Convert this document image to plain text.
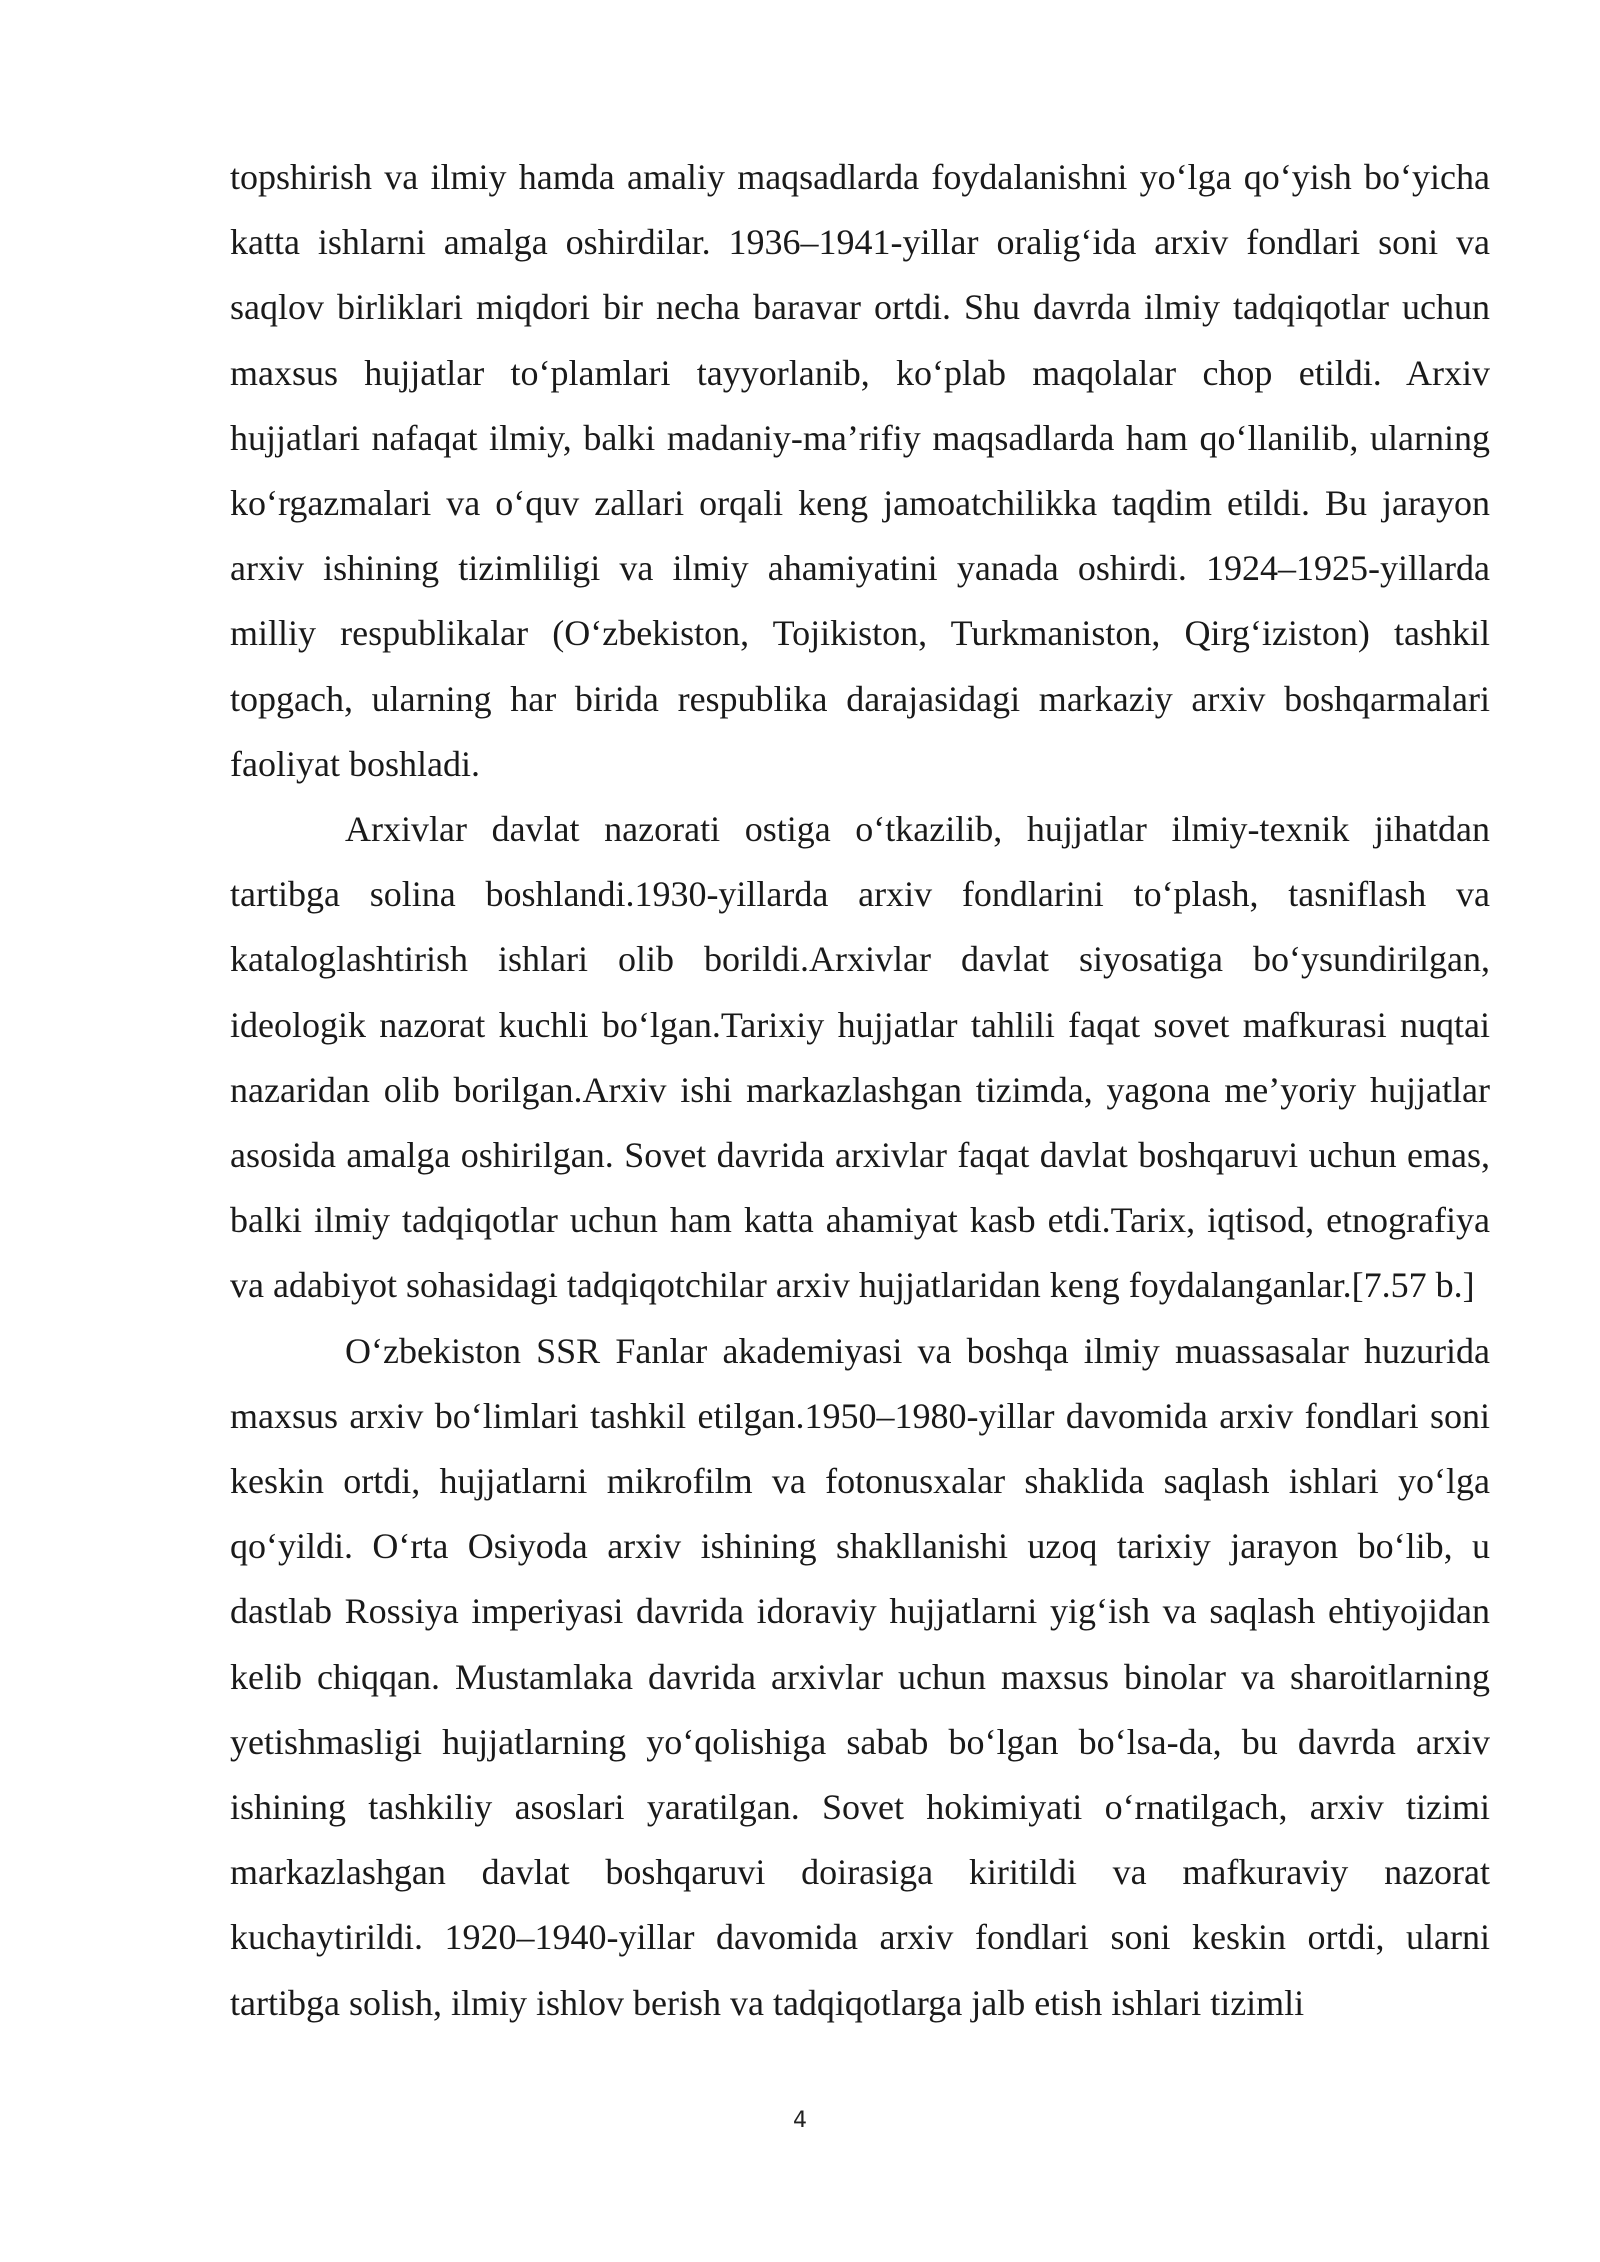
topshirish va ilmiy hamda amaliy maqsadlarda foydalanishni yo‘lga qo‘yish bo‘yicha katta ishlarni amalga oshirdilar. 1936–1941-yillar oralig‘ida arxiv fondlari soni va saqlov birliklari miqdori bir necha baravar ortdi. Shu davrda ilmiy tadqiqotlar uchun maxsus hujjatlar to‘plamlari tayyorlanib, ko‘plab maqolalar chop etildi. Arxiv hujjatlari nafaqat ilmiy, balki madaniy-ma’rifiy maqsadlarda ham qo‘llanilib, ularning ko‘rgazmalari va o‘quv zallari orqali keng jamoatchilikka taqdim etildi. Bu jarayon arxiv ishining tizimliligi va ilmiy ahamiyatini yanada oshirdi. 1924–1925-yillarda milliy respublikalar (O‘zbekiston, Tojikiston, Turkmaniston, Qirg‘iziston) tashkil topgach, ularning har birida respublika darajasidagi markaziy arxiv boshqarmalari faoliyat boshladi.

Arxivlar davlat nazorati ostiga o‘tkazilib, hujjatlar ilmiy-texnik jihatdan tartibga solina boshlandi.1930-yillarda arxiv fondlarini to‘plash, tasniflash va kataloglashtirish ishlari olib borildi.Arxivlar davlat siyosatiga bo‘ysundirilgan, ideologik nazorat kuchli bo‘lgan.Tarixiy hujjatlar tahlili faqat sovet mafkurasi nuqtai nazaridan olib borilgan.Arxiv ishi markazlashgan tizimda, yagona me’yoriy hujjatlar asosida amalga oshirilgan. Sovet davrida arxivlar faqat davlat boshqaruvi uchun emas, balki ilmiy tadqiqotlar uchun ham katta ahamiyat kasb etdi.Tarix, iqtisod, etnografiya va adabiyot sohasidagi tadqiqotchilar arxiv hujjatlaridan keng foydalanganlar.[7.57 b.]

O‘zbekiston SSR Fanlar akademiyasi va boshqa ilmiy muassasalar huzurida maxsus arxiv bo‘limlari tashkil etilgan.1950–1980-yillar davomida arxiv fondlari soni keskin ortdi, hujjatlarni mikrofilm va fotonusxalar shaklida saqlash ishlari yo‘lga qo‘yildi. O‘rta Osiyoda arxiv ishining shakllanishi uzoq tarixiy jarayon bo‘lib, u dastlab Rossiya imperiyasi davrida idoraviy hujjatlarni yig‘ish va saqlash ehtiyojidan kelib chiqqan. Mustamlaka davrida arxivlar uchun maxsus binolar va sharoitlarning yetishmasligi hujjatlarning yo‘qolishiga sabab bo‘lgan bo‘lsa-da, bu davrda arxiv ishining tashkiliy asoslari yaratilgan. Sovet hokimiyati o‘rnatilgach, arxiv tizimi markazlashgan davlat boshqaruvi doirasiga kiritildi va mafkuraviy nazorat kuchaytirildi. 1920–1940-yillar davomida arxiv fondlari soni keskin ortdi, ularni tartibga solish, ilmiy ishlov berish va tadqiqotlarga jalb etish ishlari tizimli

4
